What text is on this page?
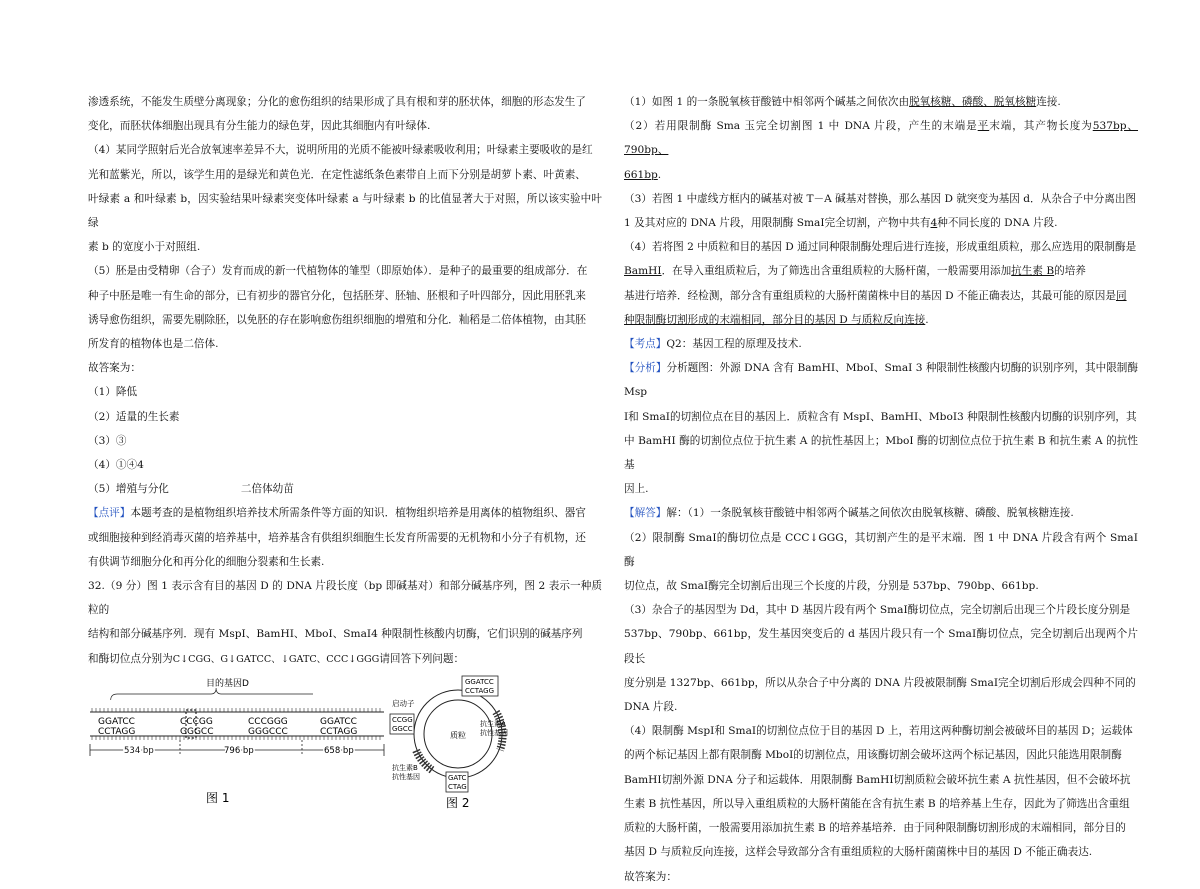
渗透系统，不能发生质壁分离现象；分化的愈伤组织的结果形成了具有根和芽的胚状体，细胞的形态发生了

变化，而胚状体细胞出现具有分生能力的绿色芽，因此其细胞内有叶绿体.

（4）某同学照射后光合放氧速率差异不大，说明所用的光质不能被叶绿素吸收利用；叶绿素主要吸收的是红

光和蓝紫光，所以，该学生用的是绿光和黄色光．在定性滤纸条色素带自上而下分别是胡萝卜素、叶黄素、

叶绿素 a 和叶绿素 b，因实验结果叶绿素突变体叶绿素 a 与叶绿素 b 的比值显著大于对照，所以该实验中叶绿

素 b 的宽度小于对照组.

（5）胚是由受精卵（合子）发育而成的新一代植物体的雏型（即原始体）．是种子的最重要的组成部分．在

种子中胚是唯一有生命的部分，已有初步的器官分化，包括胚芽、胚轴、胚根和子叶四部分，因此用胚乳来

诱导愈伤组织，需要先剔除胚，以免胚的存在影响愈伤组织细胞的增殖和分化．籼稻是二倍体植物，由其胚

所发育的植物体也是二倍体.

故答案为：

（1）降低

（2）适量的生长素

（3）③

（4）①④4

（5）增殖与分化	二倍体幼苗

【点评】本题考查的是植物组织培养技术所需条件等方面的知识．植物组织培养是用离体的植物组织、器官

或细胞接种到经消毒灭菌的培养基中，培养基含有供组织细胞生长发育所需要的无机物和小分子有机物，还

有供调节细胞分化和再分化的细胞分裂素和生长素.

32.（9 分）图 1 表示含有目的基因 D 的 DNA 片段长度（bp 即碱基对）和部分碱基序列，图 2 表示一种质粒的

结构和部分碱基序列．现有 MspⅠ、BamHⅠ、MboⅠ、SmaⅠ4 种限制性核酸内切酶，它们识别的碱基序列

和酶切位点分别为C↓CGG、G↓GATCC、↓GATC、CCC↓GGG请回答下列问题：

目的基因D
GGATCC	CCCGG	CCCGGG	GGATCC
CCTAGG	GGGCC	GGGCCC	CCTAGG
534 bp	796 bp	658 bp
图 1
GGATCC
CCTAGG
CCGG
GGCC
启动子
质粒
抗生素A
抗性基因
抗生素B
抗性基因	GATC
CTAG
图 2

（1）如图 1 的一条脱氧核苷酸链中相邻两个碱基之间依次由脱氧核糖、磷酸、脱氧核糖连接.

（2）若用限制酶 Sma 玉完全切割图 1 中 DNA 片段，产生的末端是平末端，其产物长度为537bp、790bp、

661bp.

（3）若图 1 中虚线方框内的碱基对被 T－A 碱基对替换，那么基因 D 就突变为基因 d．从杂合子中分离出图

1 及其对应的 DNA 片段，用限制酶 SmaⅠ完全切割，产物中共有4种不同长度的 DNA 片段.

（4）若将图 2 中质粒和目的基因 D 通过同种限制酶处理后进行连接，形成重组质粒，那么应选用的限制酶是

BamHⅠ．在导入重组质粒后，为了筛选出含重组质粒的大肠杆菌，一般需要用添加抗生素 B的培养

基进行培养．经检测，部分含有重组质粒的大肠杆菌菌株中目的基因 D 不能正确表达，其最可能的原因是同

种限制酶切割形成的末端相同，部分目的基因 D 与质粒反向连接.

【考点】Q2：基因工程的原理及技术.

【分析】分析题图：外源 DNA 含有 BamHI、MboI、SmaI 3 种限制性核酸内切酶的识别序列，其中限制酶 Msp

Ⅰ和 SmaⅠ的切割位点在目的基因上．质粒含有 MspI、BamHI、MboI3 种限制性核酸内切酶的识别序列，其

中 BamHI 酶的切割位点位于抗生素 A 的抗性基因上；MboI 酶的切割位点位于抗生素 B 和抗生素 A 的抗性基

因上.

【解答】解：（1）一条脱氧核苷酸链中相邻两个碱基之间依次由脱氧核糖、磷酸、脱氧核糖连接.

（2）限制酶 SmaⅠ的酶切位点是 CCC↓GGG，其切割产生的是平末端．图 1 中 DNA 片段含有两个 SmaⅠ酶

切位点，故 SmaⅠ酶完全切割后出现三个长度的片段，分别是 537bp、790bp、661bp.

（3）杂合子的基因型为 Dd，其中 D 基因片段有两个 SmaⅠ酶切位点，完全切割后出现三个片段长度分别是

537bp、790bp、661bp，发生基因突变后的 d 基因片段只有一个 SmaⅠ酶切位点，完全切割后出现两个片段长

度分别是 1327bp、661bp，所以从杂合子中分离的 DNA 片段被限制酶 SmaⅠ完全切割后形成会四种不同的

DNA 片段.

（4）限制酶 MspⅠ和 SmaⅠ的切割位点位于目的基因 D 上，若用这两种酶切割会被破坏目的基因 D；运载体

的两个标记基因上都有限制酶 MboⅠ的切割位点，用该酶切割会破坏这两个标记基因，因此只能选用限制酶

BamHⅠ切割外源 DNA 分子和运载体．用限制酶 BamHⅠ切割质粒会破坏抗生素 A 抗性基因，但不会破坏抗

生素 B 抗性基因，所以导入重组质粒的大肠杆菌能在含有抗生素 B 的培养基上生存，因此为了筛选出含重组

质粒的大肠杆菌，一般需要用添加抗生素 B 的培养基培养．由于同种限制酶切割形成的末端相同，部分目的

基因 D 与质粒反向连接，这样会导致部分含有重组质粒的大肠杆菌菌株中目的基因 D 不能正确表达.

故答案为：
